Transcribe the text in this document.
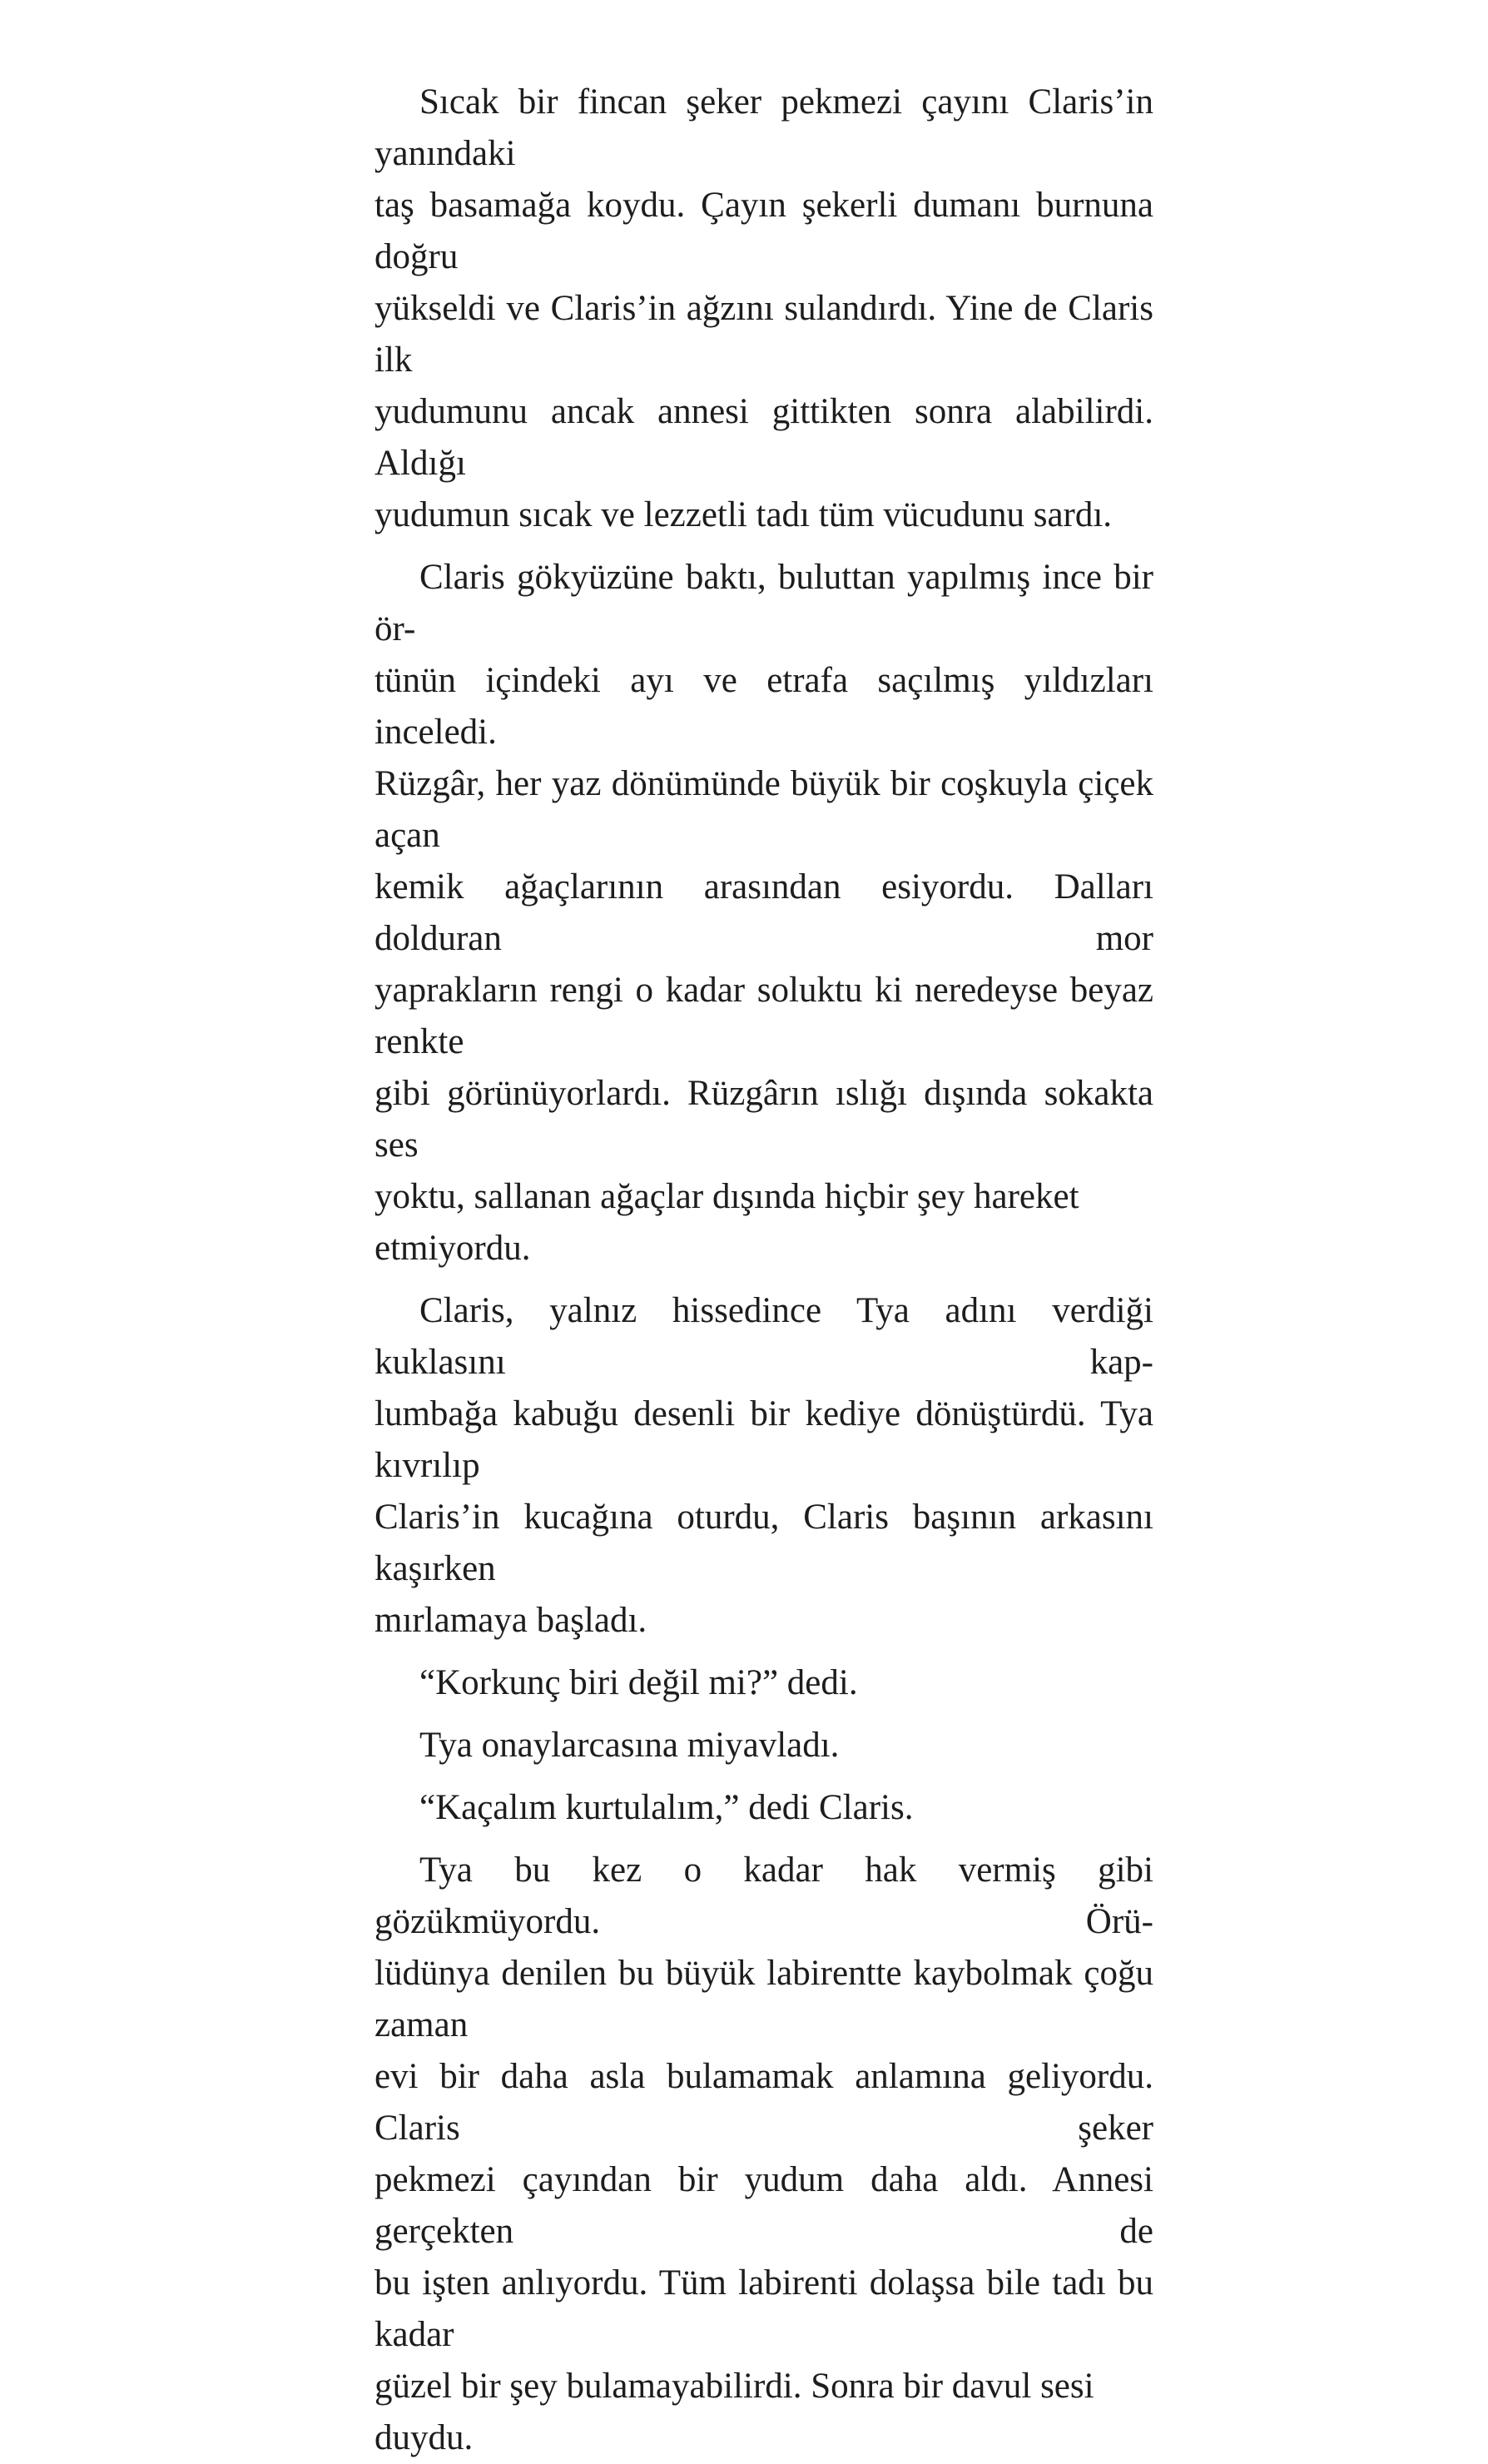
Sıcak bir fincan şeker pekmezi çayını Claris’in yanındaki
taş basamağa koydu. Çayın şekerli dumanı burnuna doğru
yükseldi ve Claris’in ağzını sulandırdı. Yine de Claris ilk
yudumunu ancak annesi gittikten sonra alabilirdi. Aldığı
yudumun sıcak ve lezzetli tadı tüm vücudunu sardı.
Claris gökyüzüne baktı, buluttan yapılmış ince bir ör-
tünün içindeki ayı ve etrafa saçılmış yıldızları inceledi.
Rüzgâr, her yaz dönümünde büyük bir coşkuyla çiçek açan
kemik ağaçlarının arasından esiyordu. Dalları dolduran mor
yaprakların rengi o kadar soluktu ki neredeyse beyaz renkte
gibi görünüyorlardı. Rüzgârın ıslığı dışında sokakta ses
yoktu, sallanan ağaçlar dışında hiçbir şey hareket etmiyordu.
Claris, yalnız hissedince Tya adını verdiği kuklasını kap-
lumbağa kabuğu desenli bir kediye dönüştürdü. Tya kıvrılıp
Claris’in kucağına oturdu, Claris başının arkasını kaşırken
mırlamaya başladı.
“Korkunç biri değil mi?” dedi.
Tya onaylarcasına miyavladı.
“Kaçalım kurtulalım,” dedi Claris.
Tya bu kez o kadar hak vermiş gibi gözükmüyordu. Örü-
lüdünya denilen bu büyük labirentte kaybolmak çoğu zaman
evi bir daha asla bulamamak anlamına geliyordu. Claris şeker
pekmezi çayından bir yudum daha aldı. Annesi gerçekten de
bu işten anlıyordu. Tüm labirenti dolaşsa bile tadı bu kadar
güzel bir şey bulamayabilirdi. Sonra bir davul sesi duydu.
